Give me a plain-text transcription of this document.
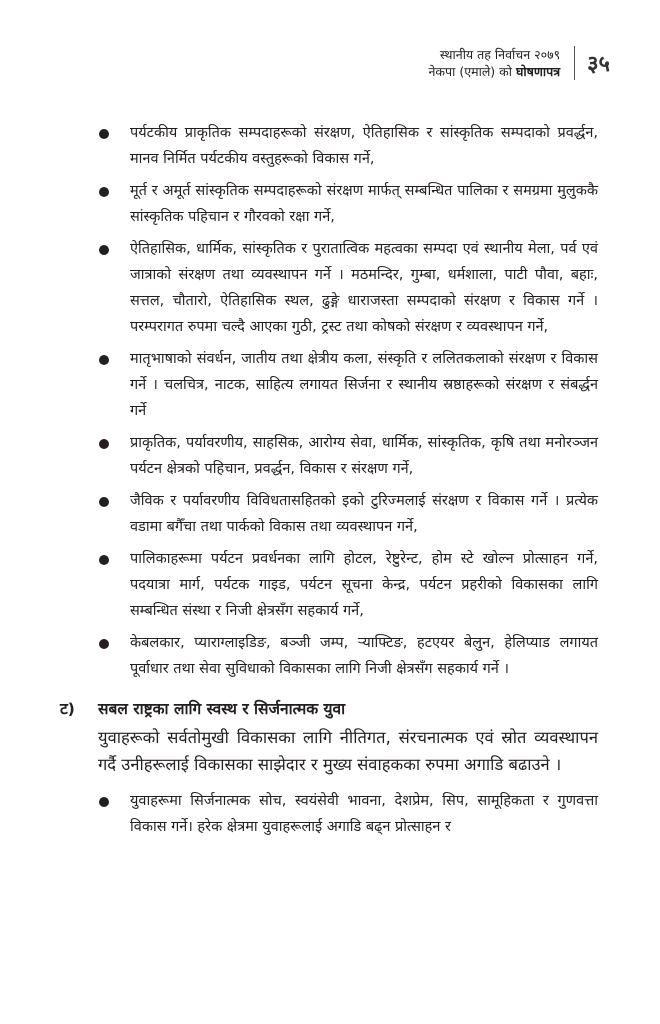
स्थानीय तह निर्वाचन २०७९
नेकपा (एमाले) को घोषणापत्र ३५
पर्यटकीय प्राकृतिक सम्पदाहरूको संरक्षण, ऐतिहासिक र सांस्कृतिक सम्पदाको प्रवर्द्धन, मानव निर्मित पर्यटकीय वस्तुहरूको विकास गर्ने,
मूर्त र अमूर्त सांस्कृतिक सम्पदाहरूको संरक्षण मार्फत् सम्बन्धित पालिका र समग्रमा मुलुककै सांस्कृतिक पहिचान र गौरवको रक्षा गर्ने,
ऐतिहासिक, धार्मिक, सांस्कृतिक र पुरातात्विक महत्वका सम्पदा एवं स्थानीय मेला, पर्व एवं जात्राको संरक्षण तथा व्यवस्थापन गर्ने । मठमन्दिर, गुम्बा, धर्मशाला, पाटी पौवा, बहाः, सत्तल, चौतारो, ऐतिहासिक स्थल, ढुङ्गे धाराजस्ता सम्पदाको संरक्षण र विकास गर्ने । परम्परागत रुपमा चल्दै आएका गुठी, ट्रस्ट तथा कोषको संरक्षण र व्यवस्थापन गर्ने,
मातृभाषाको संवर्धन, जातीय तथा क्षेत्रीय कला, संस्कृति र ललितकलाको संरक्षण र विकास गर्ने । चलचित्र, नाटक, साहित्य लगायत सिर्जना र स्थानीय स्रष्ठाहरूको संरक्षण र संबर्द्धन गर्ने
प्राकृतिक, पर्यावरणीय, साहसिक, आरोग्य सेवा, धार्मिक, सांस्कृतिक, कृषि तथा मनोरञ्जन पर्यटन क्षेत्रको पहिचान, प्रवर्द्धन, विकास र संरक्षण गर्ने,
जैविक र पर्यावरणीय विविधतासहितको इको टुरिज्मलाई संरक्षण र विकास गर्ने । प्रत्येक वडामा बगैँचा तथा पार्कको विकास तथा व्यवस्थापन गर्ने,
पालिकाहरूमा पर्यटन प्रवर्धनका लागि होटल, रेष्टुरेन्ट, होम स्टे खोल्न प्रोत्साहन गर्ने, पदयात्रा मार्ग, पर्यटक गाइड, पर्यटन सूचना केन्द्र, पर्यटन प्रहरीको विकासका लागि सम्बन्धित संस्था र निजी क्षेत्रसँग सहकार्य गर्ने,
केबलकार, प्याराग्लाइडिङ, बञ्जी जम्प, र्‍याफ्टिङ, हटएयर बेलुन, हेलिप्याड लगायत पूर्वाधार तथा सेवा सुविधाको विकासका लागि निजी क्षेत्रसँग सहकार्य गर्ने ।
ट) सबल राष्ट्रका लागि स्वस्थ र सिर्जनात्मक युवा
युवाहरूको सर्वतोमुखी विकासका लागि नीतिगत, संरचनात्मक एवं स्रोत व्यवस्थापन गर्दै उनीहरूलाई विकासका साझेदार र मुख्य संवाहकका रुपमा अगाडि बढाउने ।
युवाहरूमा सिर्जनात्मक सोच, स्वयंसेवी भावना, देशप्रेम, सिप, सामूहिकता र गुणवत्ता विकास गर्ने। हरेक क्षेत्रमा युवाहरूलाई अगाडि बढ्न प्रोत्साहन र
